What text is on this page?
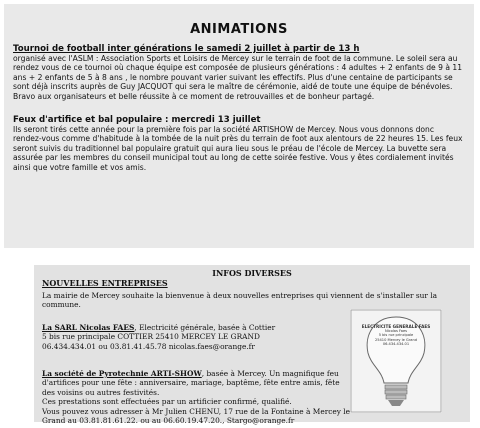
ANIMATIONS

Tournoi de football inter générations le samedi 2 juillet à partir de 13 h
organisé avec l'ASLM : Association Sports et Loisirs de Mercey sur le terrain de foot de la commune. Le soleil sera au rendez vous de ce tournoi où chaque équipe est composée de plusieurs générations : 4 adultes + 2 enfants de 9 à 11 ans + 2 enfants de 5 à 8 ans , le nombre pouvant varier suivant les effectifs. Plus d'une centaine de participants se sont déjà inscrits auprès de Guy JACQUOT qui sera le maître de cérémonie, aidé de toute une équipe de bénévoles. Bravo aux organisateurs et belle réussite à ce moment de retrouvailles et de bonheur partagé.

Feux d'artifice et bal populaire : mercredi 13 juillet
Ils seront tirés cette année pour la première fois par la société ARTISHOW de Mercey. Nous vous donnons donc rendez-vous comme d'habitude à la tombée de la nuit près du terrain de foot aux alentours de 22 heures 15. Les feux seront suivis du traditionnel bal populaire gratuit qui aura lieu sous le préau de l'école de Mercey. La buvette sera assurée par les membres du conseil municipal tout au long de cette soirée festive. Vous y êtes cordialement invités ainsi que votre famille et vos amis.

INFOS DIVERSES
NOUVELLES ENTREPRISES

La mairie de Mercey souhaite la bienvenue à deux nouvelles entreprises qui viennent de s'installer sur la commune.

La SARL Nicolas FAES, Electricité générale, basée à Cottier

5 bis rue principale COTTIER 25410 MERCEY LE GRAND

06.434.434.01 ou 03.81.41.45.78 nicolas.faes@orange.fr

La société de Pyrotechnie ARTI-SHOW, basée à Mercey. Un magnifique feu d'artifices pour une fête : anniversaire, mariage, baptême, fête entre amis, fête des voisins ou autres festivités.

Ces prestations sont effectuées par un artificier confirmé, qualifié.

Vous pouvez vous adresser à Mr Julien CHENU, 17 rue de la Fontaine à Mercey le Grand au 03.81.81.61.22. ou au 06.60.19.47.20., Stargo@orange.fr

ELECTRICITE GENERALE FAES
Nicolas Faes
5 bis rue principale
25410 Mercey le Grand
06.434.434.01
